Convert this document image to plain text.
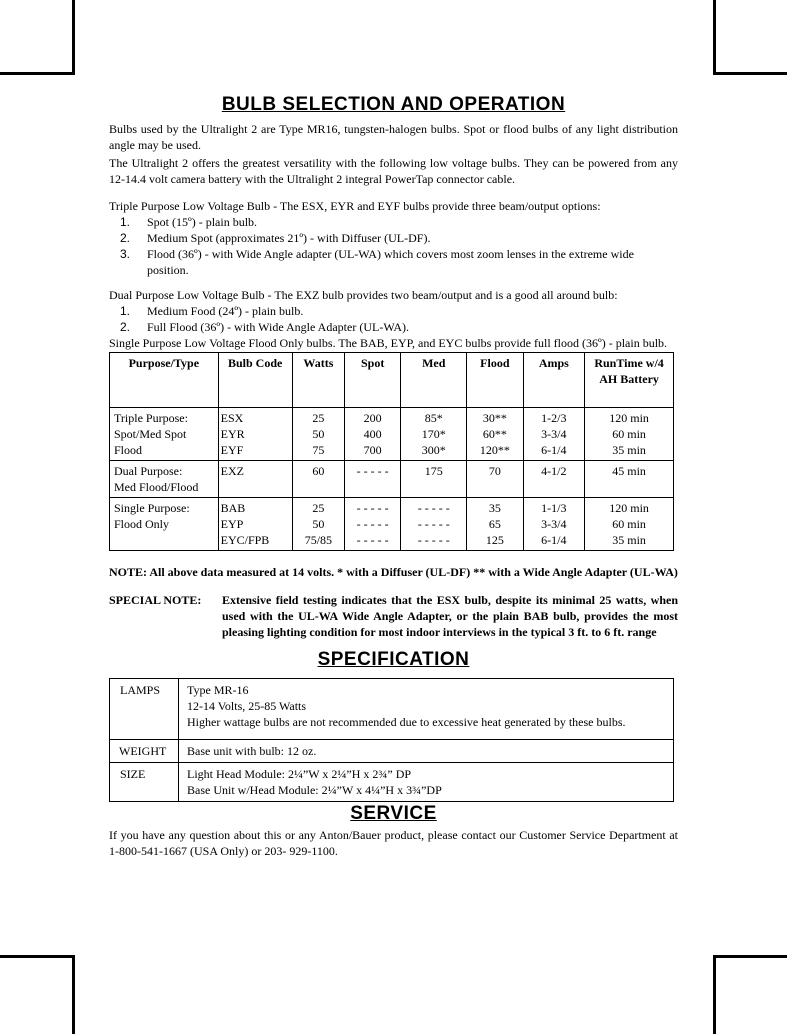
BULB SELECTION AND OPERATION

Bulbs used by the Ultralight 2 are Type MR16, tungsten-halogen bulbs. Spot or flood bulbs of any light distribution angle may be used.

The Ultralight 2 offers the greatest versatility with the following low voltage bulbs. They can be powered from any 12-14.4 volt camera battery with the Ultralight 2 integral PowerTap connector cable.

Triple Purpose Low Voltage Bulb - The ESX, EYR and EYF bulbs provide three beam/output options:

1. Spot (15º) - plain bulb.
2. Medium Spot (approximates 21º) - with Diffuser (UL-DF).
3. Flood (36º) - with Wide Angle adapter (UL-WA) which covers most zoom lenses in the extreme wide position.

Dual Purpose Low Voltage Bulb - The EXZ bulb provides two beam/output and is a good all around bulb:

1. Medium Food (24º) - plain bulb.
2. Full Flood (36º) - with Wide Angle Adapter (UL-WA).

Single Purpose Low Voltage Flood Only bulbs. The BAB, EYP, and EYC bulbs provide full flood (36º) - plain bulb.

Purpose/Type	Bulb Code	Watts	Spot	Med	Flood	Amps	RunTime w/4 AH Battery

Triple Purpose:
Spot/Med Spot
Flood	ESX
EYR
EYF	25
50
75	200
400
700	85*
170*
300*	30**
60**
120**	1-2/3
3-3/4
6-1/4	120 min
60 min
35 min

Dual Purpose:
Med Flood/Flood	EXZ	60	- - - - -	175	70	4-1/2	45 min

Single Purpose:
Flood Only	BAB
EYP
EYC/FPB	25
50
75/85	- - - - -
- - - - -
- - - - -	- - - - -
- - - - -
- - - - -	35
65
125	1-1/3
3-3/4
6-1/4	120 min
60 min
35 min

NOTE: All above data measured at 14 volts. * with a Diffuser (UL-DF) ** with a Wide Angle Adapter (UL-WA)

SPECIAL NOTE:	Extensive field testing indicates that the ESX bulb, despite its minimal 25 watts, when used with the UL-WA Wide Angle Adapter, or the plain BAB bulb, provides the most pleasing lighting condition for most indoor interviews in the typical 3 ft. to 6 ft. range
SPECIFICATION
LAMPS	Type MR-16
12-14 Volts, 25-85 Watts
Higher wattage bulbs are not recommended due to excessive heat generated by these bulbs.

WEIGHT	Base unit with bulb: 12 oz.

SIZE	Light Head Module: 2¼”W x 2¼”H x 2¾” DP
Base Unit w/Head Module: 2¼”W x 4¼”H x 3¾”DP
SERVICE

If you have any question about this or any Anton/Bauer product, please contact our Customer Service Department at 1-800-541-1667 (USA Only) or 203- 929-1100.
